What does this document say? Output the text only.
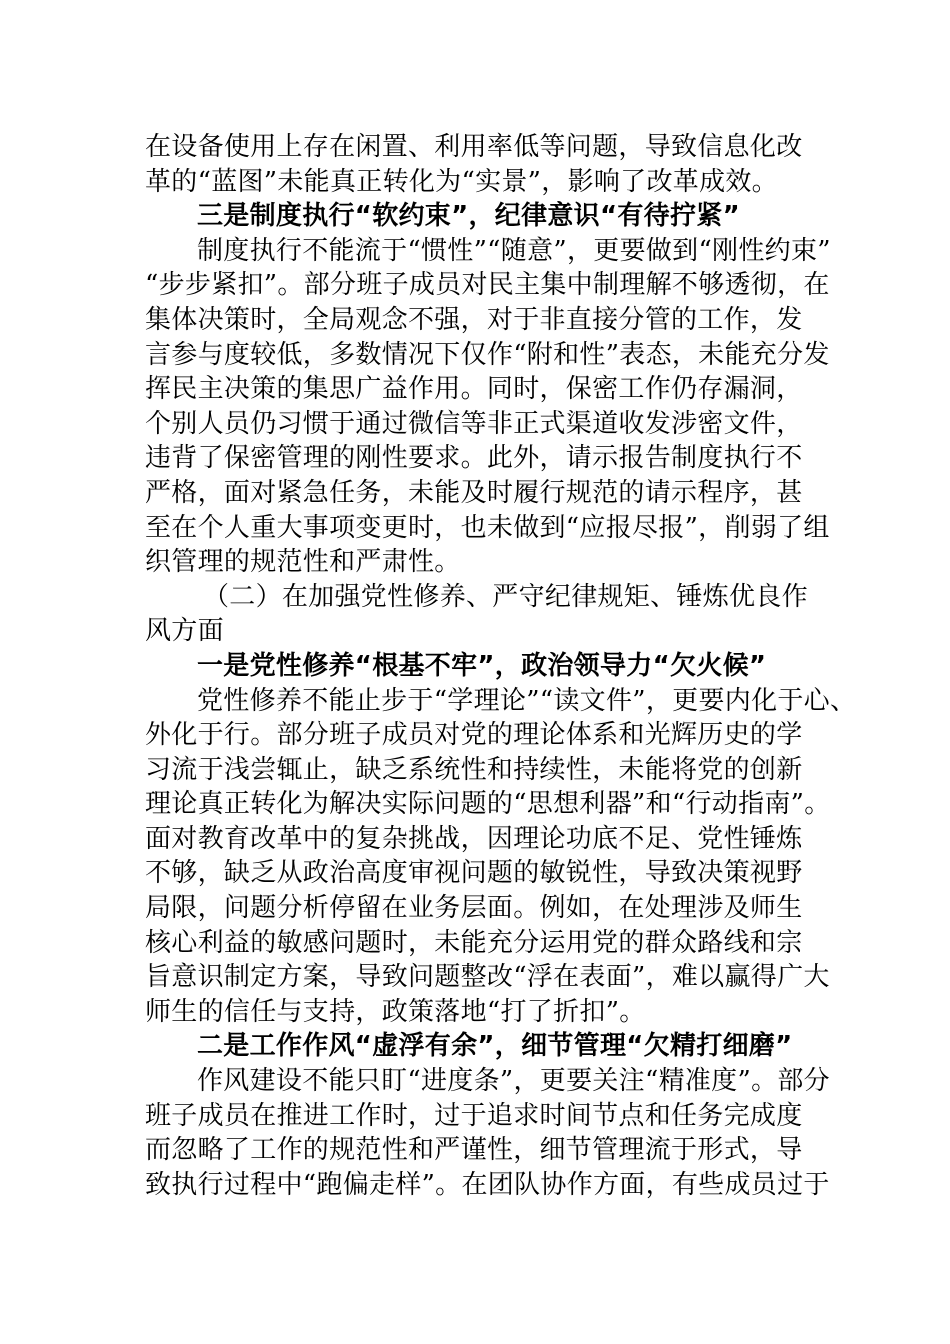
在设备使用上存在闲置、利用率低等问题，导致信息化改
革的“蓝图”未能真正转化为“实景”，影响了改革成效。
三是制度执行“软约束”，纪律意识“有待拧紧”
制度执行不能流于“惯性”“随意”，更要做到“刚性约束”
“步步紧扣”。部分班子成员对民主集中制理解不够透彻，在
集体决策时，全局观念不强，对于非直接分管的工作，发
言参与度较低，多数情况下仅作“附和性”表态，未能充分发
挥民主决策的集思广益作用。同时，保密工作仍存漏洞，
个别人员仍习惯于通过微信等非正式渠道收发涉密文件，
违背了保密管理的刚性要求。此外，请示报告制度执行不
严格，面对紧急任务，未能及时履行规范的请示程序，甚
至在个人重大事项变更时，也未做到“应报尽报”，削弱了组
织管理的规范性和严肃性。
（二）在加强党性修养、严守纪律规矩、锤炼优良作
风方面
一是党性修养“根基不牢”，政治领导力“欠火候”
党性修养不能止步于“学理论”“读文件”，更要内化于心、
外化于行。部分班子成员对党的理论体系和光辉历史的学
习流于浅尝辄止，缺乏系统性和持续性，未能将党的创新
理论真正转化为解决实际问题的“思想利器”和“行动指南”。
面对教育改革中的复杂挑战，因理论功底不足、党性锤炼
不够，缺乏从政治高度审视问题的敏锐性，导致决策视野
局限，问题分析停留在业务层面。例如，在处理涉及师生
核心利益的敏感问题时，未能充分运用党的群众路线和宗
旨意识制定方案，导致问题整改“浮在表面”，难以赢得广大
师生的信任与支持，政策落地“打了折扣”。
二是工作作风“虚浮有余”，细节管理“欠精打细磨”
作风建设不能只盯“进度条”，更要关注“精准度”。部分
班子成员在推进工作时，过于追求时间节点和任务完成度
而忽略了工作的规范性和严谨性，细节管理流于形式，导
致执行过程中“跑偏走样”。在团队协作方面，有些成员过于
